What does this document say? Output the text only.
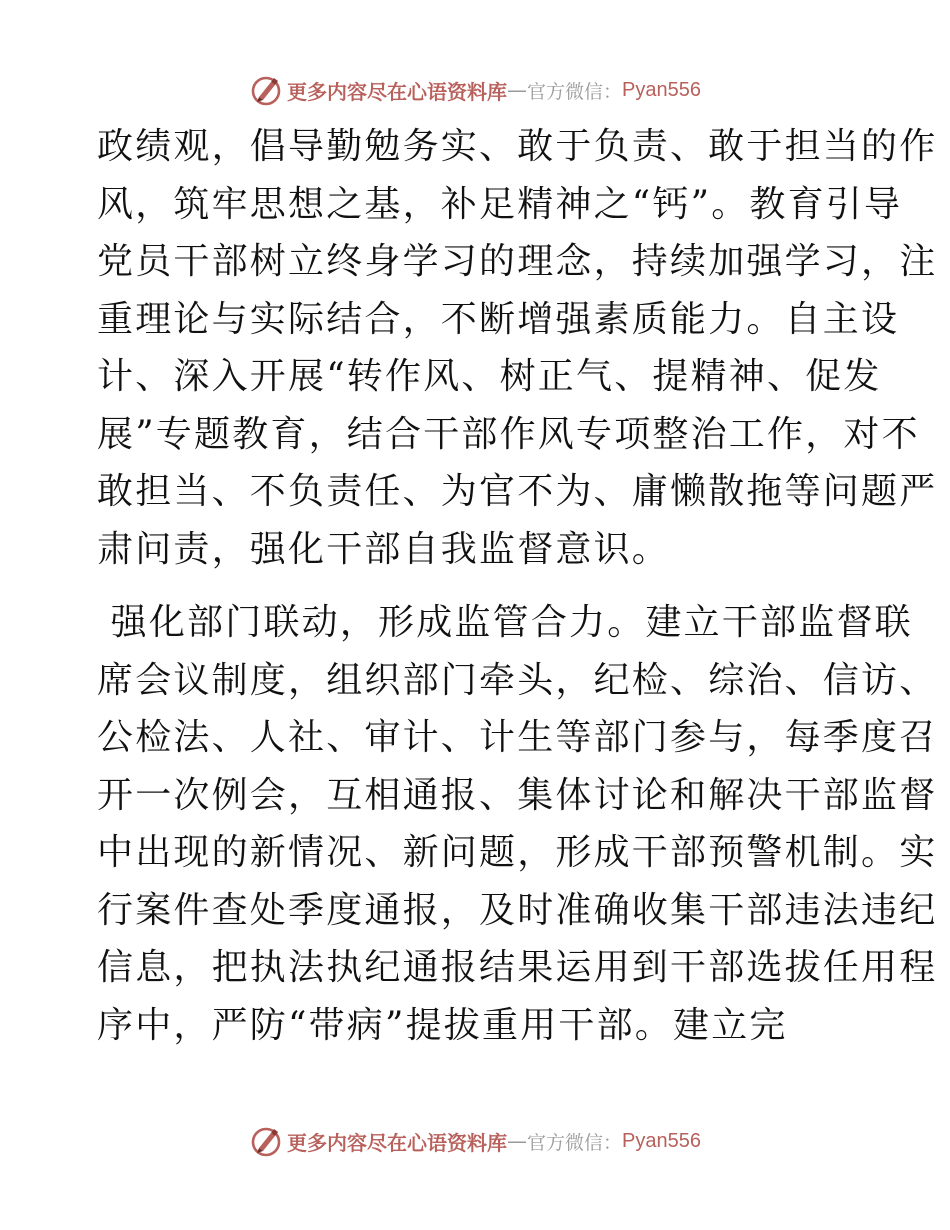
更多内容尽在心语资料库 — 官方微信： Pyan556
政绩观，倡导勤勉务实、敢于负责、敢于担当的作
风，筑牢思想之基，补足精神之“钙”。教育引导
党员干部树立终身学习的理念，持续加强学习，注
重理论与实际结合，不断增强素质能力。自主设
计、深入开展“转作风、树正气、提精神、促发
展”专题教育，结合干部作风专项整治工作，对不
敢担当、不负责任、为官不为、庸懒散拖等问题严
肃问责，强化干部自我监督意识。
强化部门联动，形成监管合力。建立干部监督联
席会议制度，组织部门牵头，纪检、综治、信访、
公检法、人社、审计、计生等部门参与，每季度召
开一次例会，互相通报、集体讨论和解决干部监督
中出现的新情况、新问题，形成干部预警机制。实
行案件查处季度通报，及时准确收集干部违法违纪
信息，把执法执纪通报结果运用到干部选拔任用程
序中，严防“带病”提拔重用干部。建立完
更多内容尽在心语资料库 — 官方微信： Pyan556
